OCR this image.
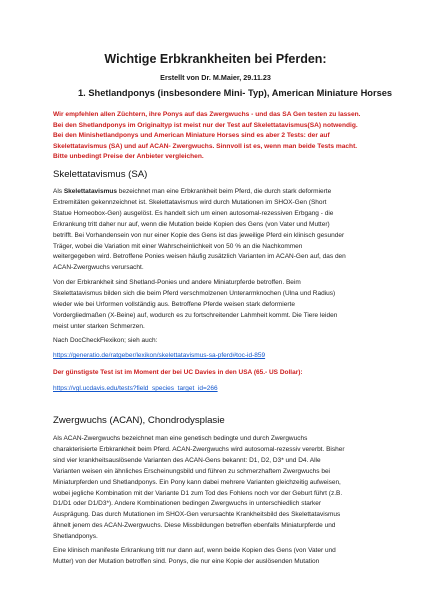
Wichtige Erbkrankheiten bei Pferden:
Erstellt von Dr. M.Maier, 29.11.23
1. Shetlandponys (insbesondere Mini- Typ), American Miniature Horses
Wir empfehlen allen Züchtern, ihre Ponys auf das Zwergwuchs - und das SA Gen testen zu lassen.
Bei den Shetlandponys im Originaltyp ist meist nur der Test auf Skelettatavismus(SA) notwendig.
Bei den Minishetlandponys und American Miniature Horses sind es aber 2 Tests: der auf
Skelettatavismus (SA) und auf ACAN- Zwergwuchs. Sinnvoll ist es, wenn man beide Tests macht.
Bitte unbedingt Preise der Anbieter vergleichen.
Skelettatavismus (SA)
Als Skelettatavismus bezeichnet man eine Erbkrankheit beim Pferd, die durch stark deformierte
Extremitäten gekennzeichnet ist. Skelettatavismus wird durch Mutationen im SHOX-Gen (Short
Statue Homeobox-Gen) ausgelöst. Es handelt sich um einen autosomal-rezessiven Erbgang - die
Erkrankung tritt daher nur auf, wenn die Mutation beide Kopien des Gens (von Vater und Mutter)
betrifft. Bei Vorhandensein von nur einer Kopie des Gens ist das jeweilige Pferd ein klinisch gesunder
Träger, wobei die Variation mit einer Wahrscheinlichkeit von 50 % an die Nachkommen
weitergegeben wird. Betroffene Ponies weisen häufig zusätzlich Varianten im ACAN-Gen auf, das den
ACAN-Zwergwuchs verursacht.
Von der Erbkrankheit sind Shetland-Ponies und andere Miniaturpferde betroffen. Beim
Skelettatavismus bilden sich die beim Pferd verschmolzenen Unterarmknochen (Ulna und Radius)
wieder wie bei Urformen vollständig aus. Betroffene Pferde weisen stark deformierte
Vordergliedmaßen (X-Beine) auf, wodurch es zu fortschreitender Lahmheit kommt. Die Tiere leiden
meist unter starken Schmerzen.
Nach DocCheckFlexikon; sieh auch:
https://generatio.de/ratgeber/lexikon/skelettatavismus-sa-pferd#toc-id-859
Der günstigste Test ist im Moment der bei UC Davies in den USA (65.- US Dollar):
https://vgl.ucdavis.edu/tests?field_species_target_id=266
Zwergwuchs (ACAN), Chondrodysplasie
Als ACAN-Zwergwuchs bezeichnet man eine genetisch bedingte und durch Zwergwuchs
charakterisierte Erbkrankheit beim Pferd. ACAN-Zwergwuchs wird autosomal-rezessiv vererbt. Bisher
sind vier krankheitsauslösende Varianten des ACAN-Gens bekannt: D1, D2, D3* und D4. Alle
Varianten weisen ein ähnliches Erscheinungsbild und führen zu schmerzhaftem Zwergwuchs bei
Miniaturpferden und Shetlandponys. Ein Pony kann dabei mehrere Varianten gleichzeitig aufweisen,
wobei jegliche Kombination mit der Variante D1 zum Tod des Fohlens noch vor der Geburt führt (z.B.
D1/D1 oder D1/D3*). Andere Kombinationen bedingen Zwergwuchs in unterschiedlich starker
Ausprägung. Das durch Mutationen im SHOX-Gen verursachte Krankheitsbild des Skelettatavismus
ähnelt jenem des ACAN-Zwergwuchs. Diese Missbildungen betreffen ebenfalls Miniaturpferde und
Shetlandponys.
Eine klinisch manifeste Erkrankung tritt nur dann auf, wenn beide Kopien des Gens (von Vater und
Mutter) von der Mutation betroffen sind. Ponys, die nur eine Kopie der auslösenden Mutation
